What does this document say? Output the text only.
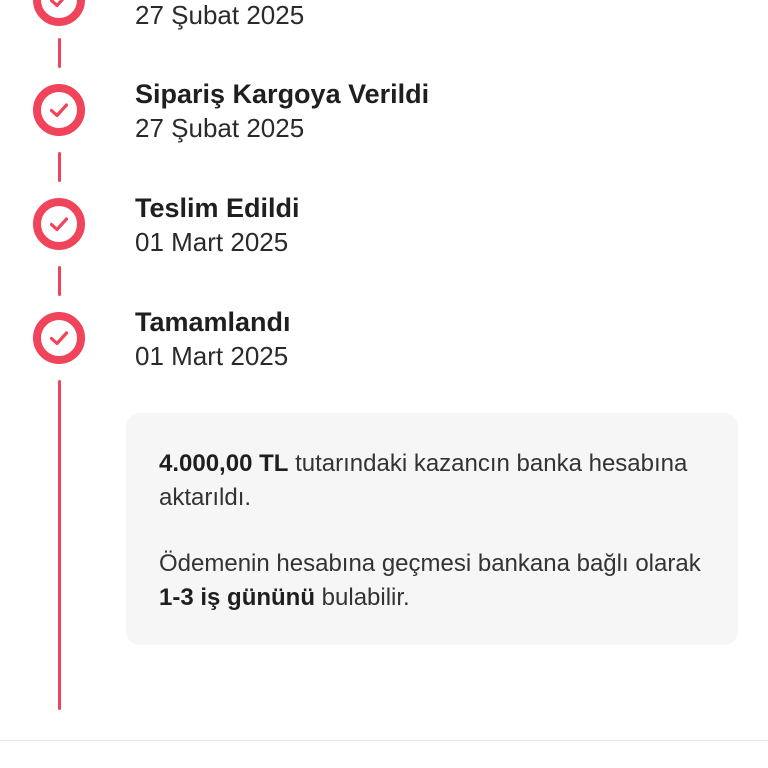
27 Şubat 2025
Sipariş Kargoya Verildi
27 Şubat 2025
Teslim Edildi
01 Mart 2025
Tamamlandı
01 Mart 2025
4.000,00 TL tutarındaki kazancın banka hesabına aktarıldı.
Ödemenin hesabına geçmesi bankana bağlı olarak 1-3 iş gününü bulabilir.
